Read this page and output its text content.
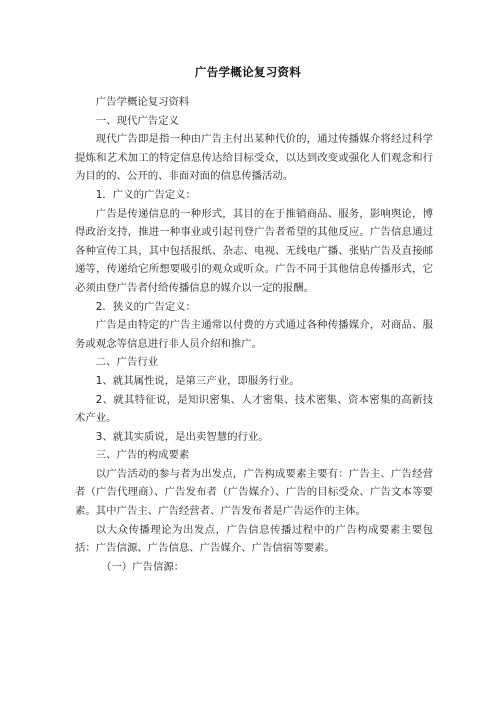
广告学概论复习资料

广告学概论复习资料

一、现代广告定义

现代广告即是指一种由广告主付出某种代价的，通过传播媒介将经过科学提炼和艺术加工的特定信息传达给目标受众，以达到改变或强化人们观念和行为目的的、公开的、非面对面的信息传播活动。

1．广义的广告定义：

广告是传递信息的一种形式，其目的在于推销商品、服务，影响舆论，博得政治支持，推进一种事业或引起刊登广告者希望的其他反应。广告信息通过各种宣传工具，其中包括报纸、杂志、电视、无线电广播、张贴广告及直接邮递等，传递给它所想要吸引的观众或听众。广告不同于其他信息传播形式，它必须由登广告者付给传播信息的媒介以一定的报酬。

2．狭义的广告定义：

广告是由特定的广告主通常以付费的方式通过各种传播媒介，对商品、服务或观念等信息进行非人员介绍和推广。

二、广告行业

1、就其属性说，是第三产业，即服务行业。

2、就其特征说，是知识密集、人才密集、技术密集、资本密集的高新技术产业。

3、就其实质说，是出卖智慧的行业。

三、广告的构成要素

以广告活动的参与者为出发点，广告构成要素主要有：广告主、广告经营者（广告代理商）、广告发布者（广告媒介）、广告的目标受众、广告文本等要素。其中广告主、广告经营者、广告发布者是广告运作的主体。

以大众传播理论为出发点，广告信息传播过程中的广告构成要素主要包括：广告信源、广告信息、广告媒介、广告信宿等要素。

（一）广告信源：
